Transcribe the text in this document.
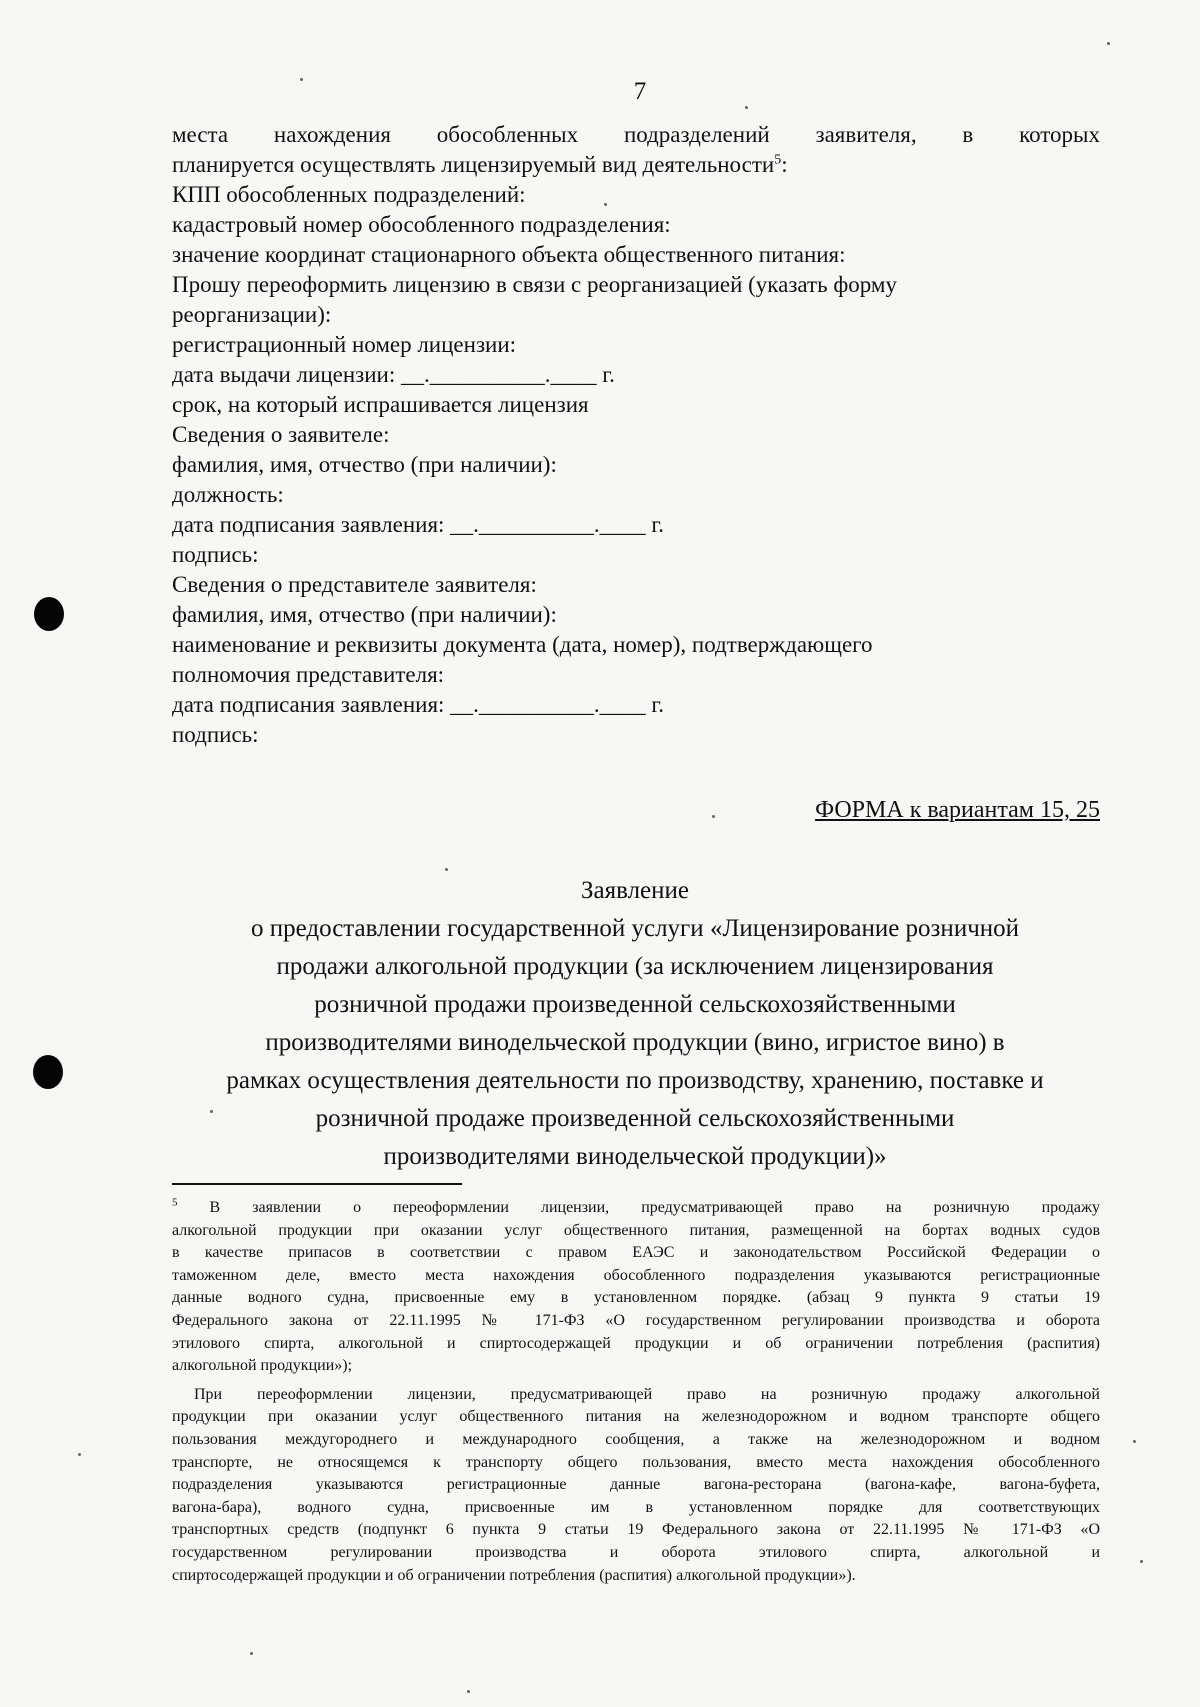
7
места нахождения обособленных подразделений заявителя, в которых
планируется осуществлять лицензируемый вид деятельности$^5$:
КПП обособленных подразделений:
кадастровый номер обособленного подразделения:
значение координат стационарного объекта общественного питания:
Прошу переоформить лицензию в связи с реорганизацией (указать форму
реорганизации):
регистрационный номер лицензии:
дата выдачи лицензии: __.__________.____ г.
срок, на который испрашивается лицензия
Сведения о заявителе:
фамилия, имя, отчество (при наличии):
должность:
дата подписания заявления: __.__________.____ г.
подпись:
Сведения о представителе заявителя:
фамилия, имя, отчество (при наличии):
наименование и реквизиты документа (дата, номер), подтверждающего
полномочия представителя:
дата подписания заявления: __.__________.____ г.
подпись:
ФОРМА к вариантам 15, 25
Заявление
о предоставлении государственной услуги «Лицензирование розничной
продажи алкогольной продукции (за исключением лицензирования
розничной продажи произведенной сельскохозяйственными
производителями винодельческой продукции (вино, игристое вино) в
рамках осуществления деятельности по производству, хранению, поставке и
розничной продаже произведенной сельскохозяйственными
производителями винодельческой продукции)»
$^5$ В заявлении о переоформлении лицензии, предусматривающей право на розничную продажу
алкогольной продукции при оказании услуг общественного питания, размещенной на бортах водных судов
в качестве припасов в соответствии с правом ЕАЭС и законодательством Российской Федерации о
таможенном деле, вместо места нахождения обособленного подразделения указываются регистрационные
данные водного судна, присвоенные ему в установленном порядке. (абзац 9 пункта 9 статьи 19
Федерального закона от 22.11.1995 № 171-ФЗ «О государственном регулировании производства и оборота
этилового спирта, алкогольной и спиртосодержащей продукции и об ограничении потребления (распития)
алкогольной продукции»);
При переоформлении лицензии, предусматривающей право на розничную продажу алкогольной
продукции при оказании услуг общественного питания на железнодорожном и водном транспорте общего
пользования междугороднего и международного сообщения, а также на железнодорожном и водном
транспорте, не относящемся к транспорту общего пользования, вместо места нахождения обособленного
подразделения указываются регистрационные данные вагона-ресторана (вагона-кафе, вагона-буфета,
вагона-бара), водного судна, присвоенные им в установленном порядке для соответствующих
транспортных средств (подпункт 6 пункта 9 статьи 19 Федерального закона от 22.11.1995 № 171-ФЗ «О
государственном регулировании производства и оборота этилового спирта, алкогольной и
спиртосодержащей продукции и об ограничении потребления (распития) алкогольной продукции»).
